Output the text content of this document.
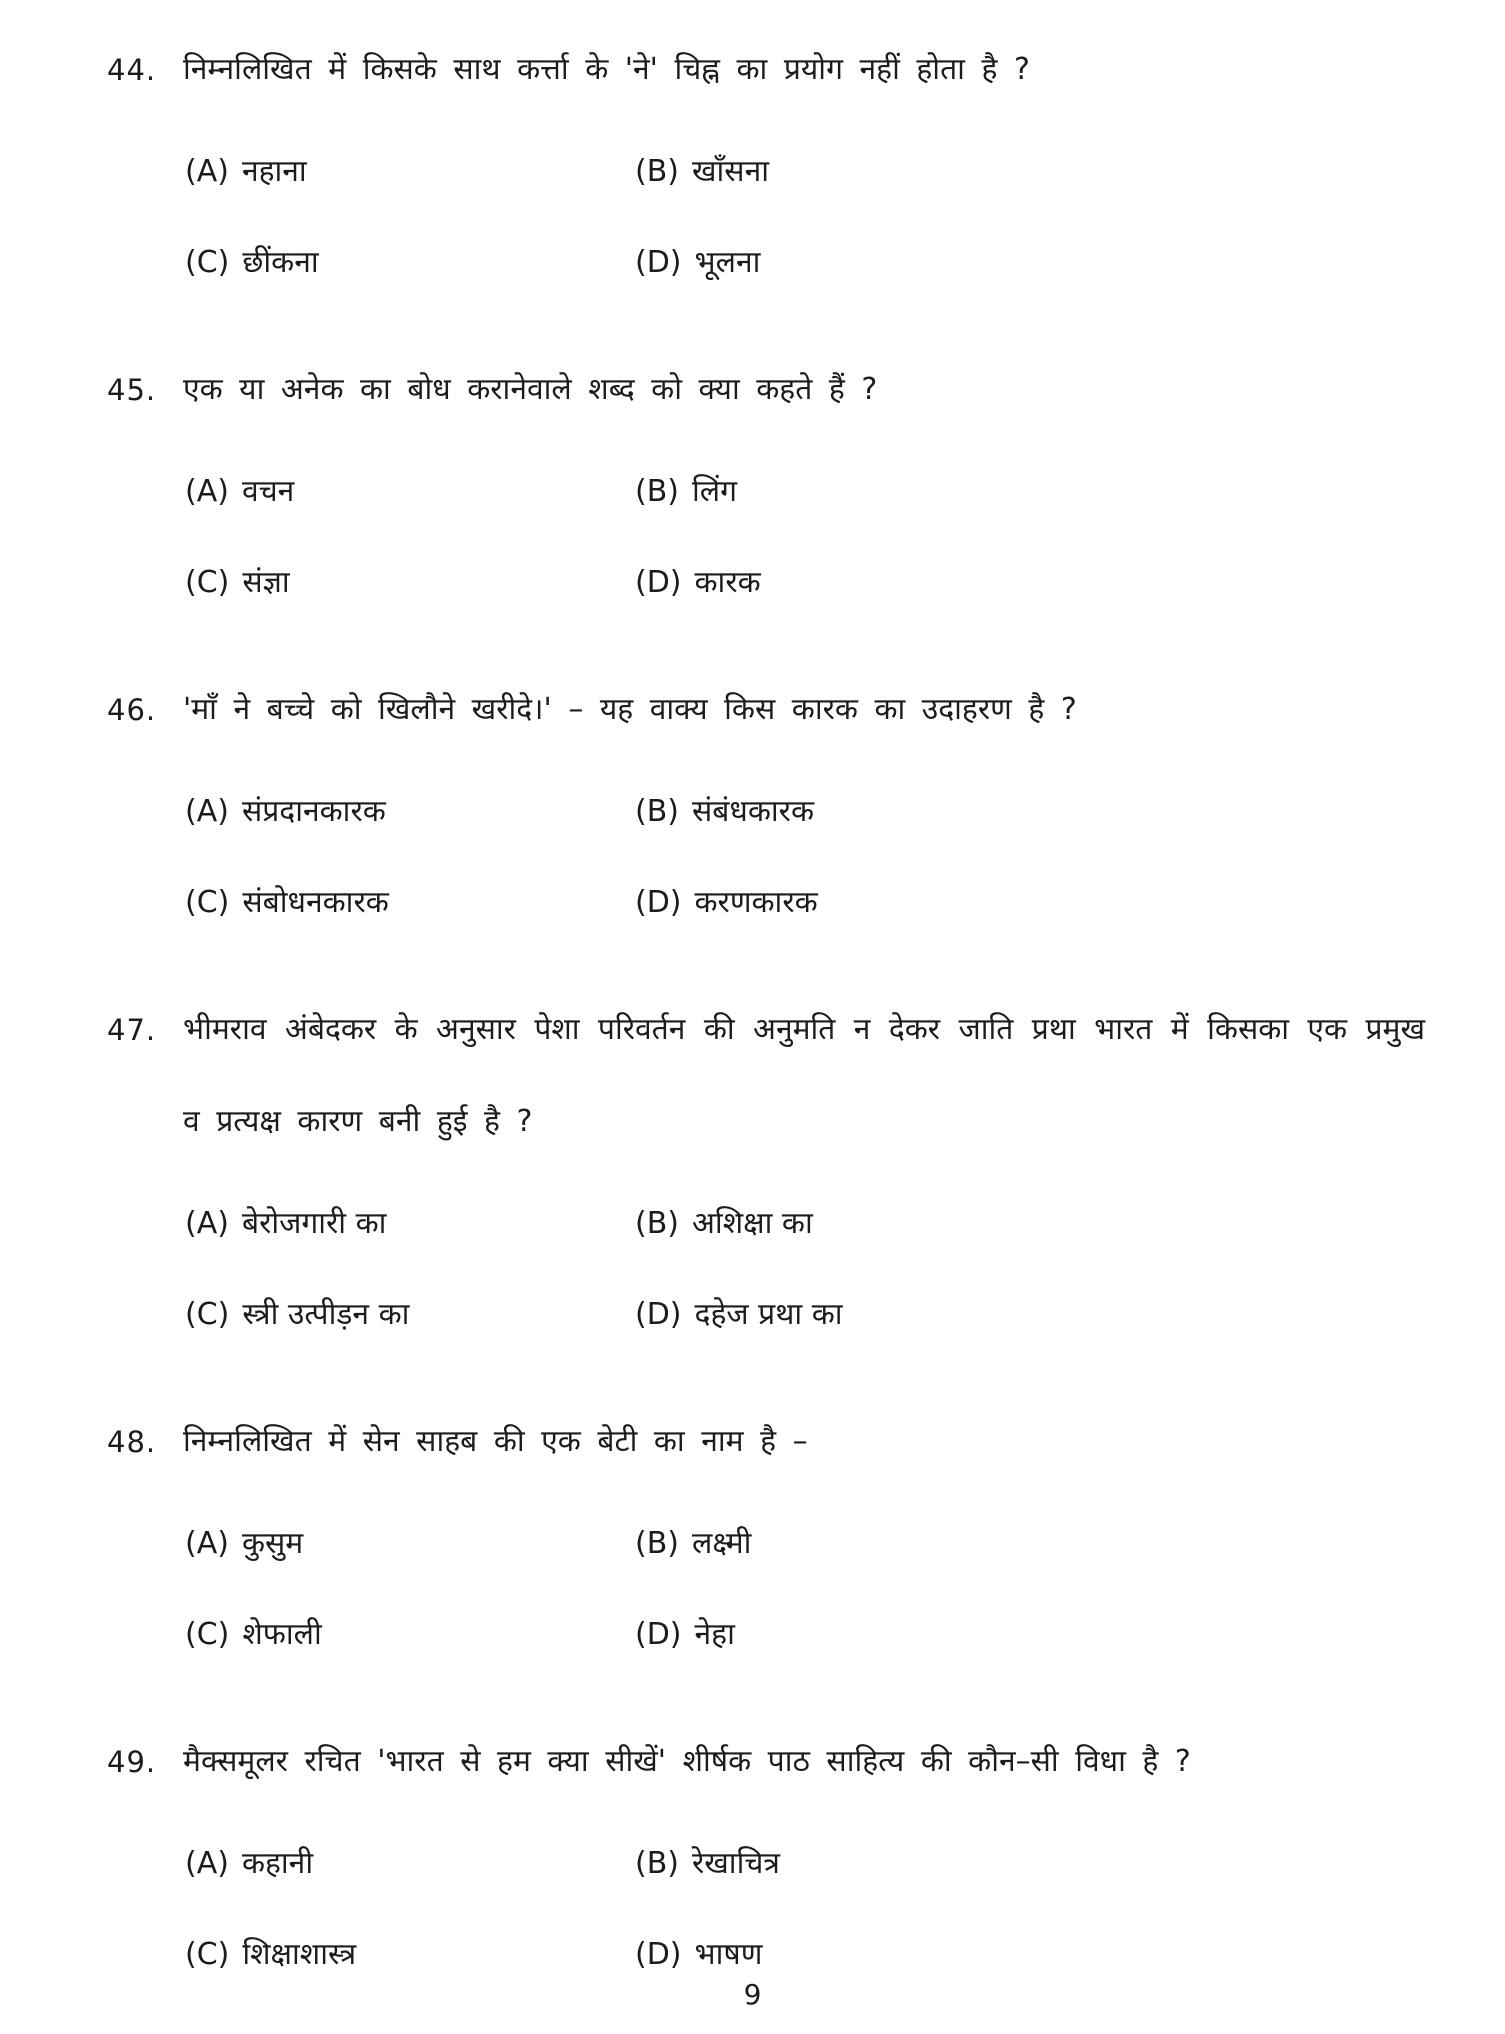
44. निम्नलिखित में किसके साथ कर्त्ता के 'ने' चिह्न का प्रयोग नहीं होता है ?
(A) नहाना	(B) खाँसना
(C) छींकना	(D) भूलना
45. एक या अनेक का बोध करानेवाले शब्द को क्या कहते हैं ?
(A) वचन	(B) लिंग
(C) संज्ञा	(D) कारक
46. 'माँ ने बच्चे को खिलौने खरीदे।' – यह वाक्य किस कारक का उदाहरण है ?
(A) संप्रदानकारक	(B) संबंधकारक
(C) संबोधनकारक	(D) करणकारक
47. भीमराव अंबेदकर के अनुसार पेशा परिवर्तन की अनुमति न देकर जाति प्रथा भारत में किसका एक प्रमुख व प्रत्यक्ष कारण बनी हुई है ?
(A) बेरोजगारी का	(B) अशिक्षा का
(C) स्त्री उत्पीड़न का	(D) दहेज प्रथा का
48. निम्नलिखित में सेन साहब की एक बेटी का नाम है –
(A) कुसुम	(B) लक्ष्मी
(C) शेफाली	(D) नेहा
49. मैक्समूलर रचित 'भारत से हम क्या सीखें' शीर्षक पाठ साहित्य की कौन–सी विधा है ?
(A) कहानी	(B) रेखाचित्र
(C) शिक्षाशास्त्र	(D) भाषण
9
